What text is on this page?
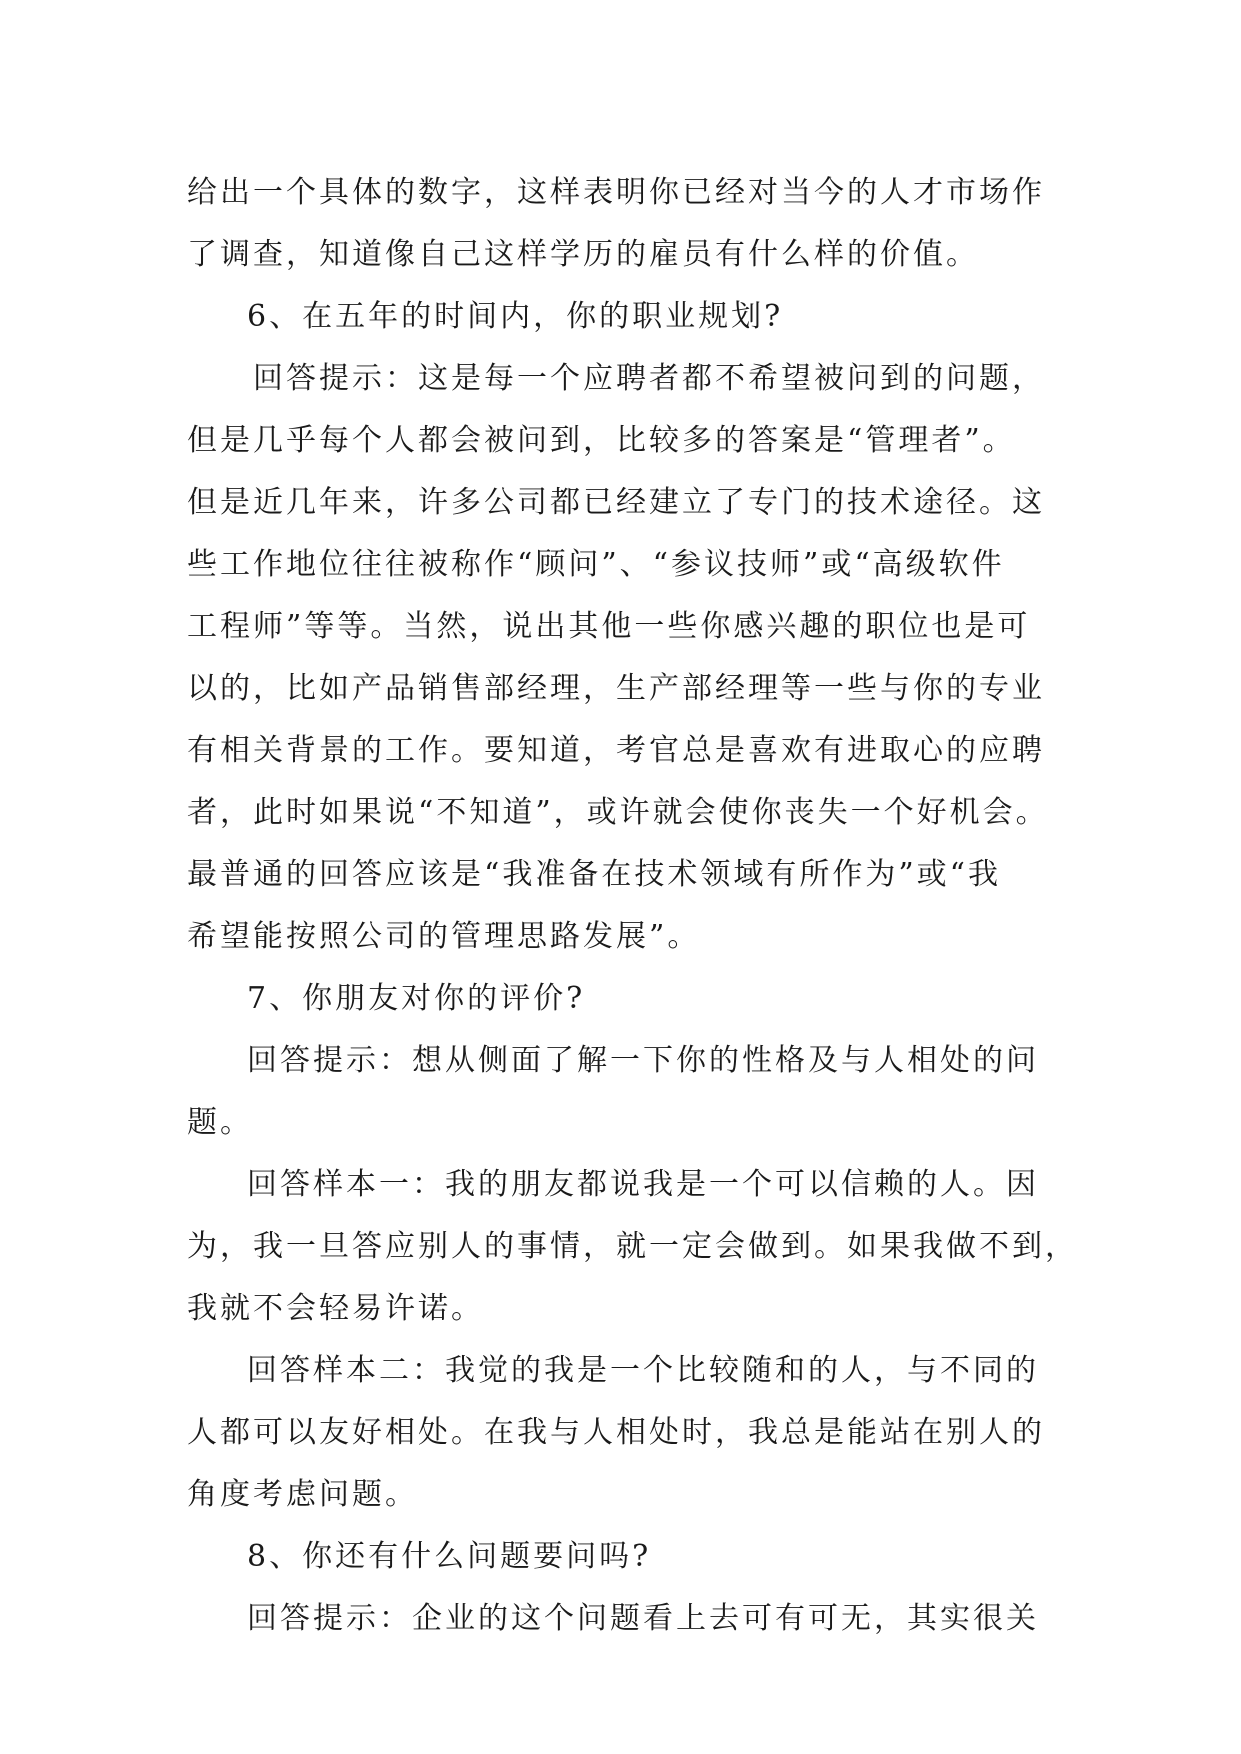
给出一个具体的数字，这样表明你已经对当今的人才市场作

了调查，知道像自己这样学历的雇员有什么样的价值。

6、在五年的时间内，你的职业规划?

回答提示：这是每一个应聘者都不希望被问到的问题，

但是几乎每个人都会被问到，比较多的答案是“管理者”。

但是近几年来，许多公司都已经建立了专门的技术途径。这

些工作地位往往被称作“顾问”、“参议技师”或“高级软件

工程师”等等。当然，说出其他一些你感兴趣的职位也是可

以的，比如产品销售部经理，生产部经理等一些与你的专业

有相关背景的工作。要知道，考官总是喜欢有进取心的应聘

者，此时如果说“不知道”，或许就会使你丧失一个好机会。

最普通的回答应该是“我准备在技术领域有所作为”或“我

希望能按照公司的管理思路发展”。

7、你朋友对你的评价?

回答提示：想从侧面了解一下你的性格及与人相处的问

题。

回答样本一：我的朋友都说我是一个可以信赖的人。因

为，我一旦答应别人的事情，就一定会做到。如果我做不到，

我就不会轻易许诺。

回答样本二：我觉的我是一个比较随和的人，与不同的

人都可以友好相处。在我与人相处时，我总是能站在别人的

角度考虑问题。

8、你还有什么问题要问吗?

回答提示：企业的这个问题看上去可有可无，其实很关
